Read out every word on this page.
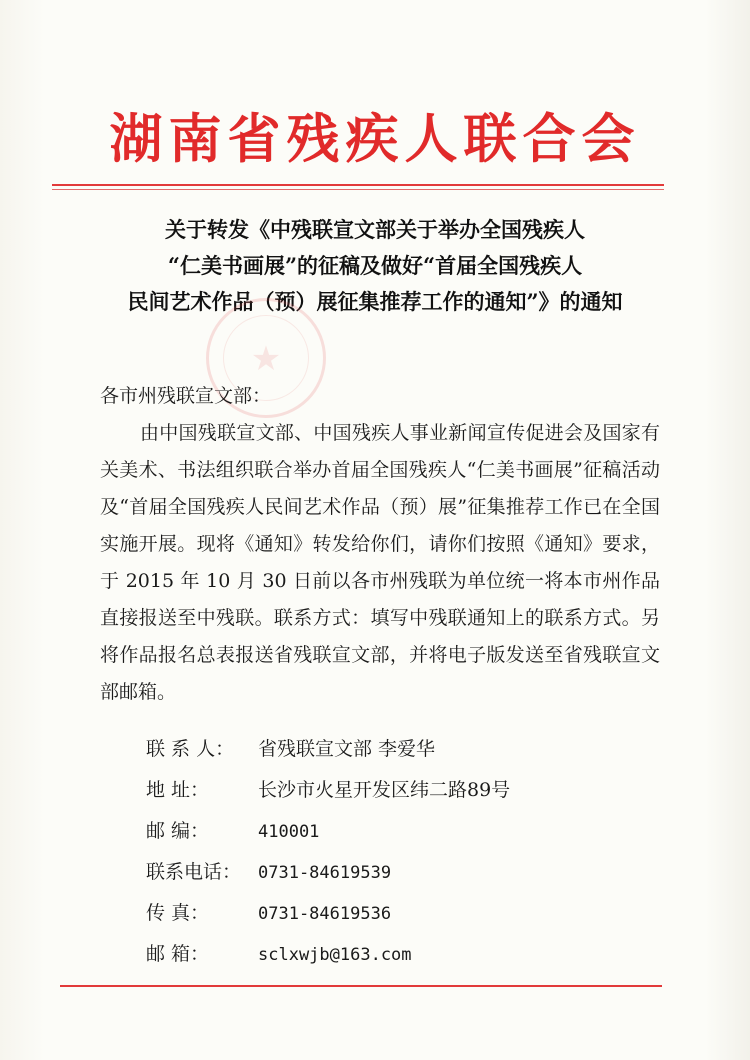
湖南省残疾人联合会
关于转发《中残联宣文部关于举办全国残疾人
“仁美书画展”的征稿及做好“首届全国残疾人
民间艺术作品（预）展征集推荐工作的通知”》的通知
★

各市州残联宣文部：

由中国残联宣文部、中国残疾人事业新闻宣传促进会及国家有关美术、书法组织联合举办首届全国残疾人“仁美书画展”征稿活动及“首届全国残疾人民间艺术作品（预）展”征集推荐工作已在全国实施开展。现将《通知》转发给你们，请你们按照《通知》要求，于 2015 年 10 月 30 日前以各市州残联为单位统一将本市州作品直接报送至中残联。联系方式：填写中残联通知上的联系方式。另将作品报名总表报送省残联宣文部，并将电子版发送至省残联宣文部邮箱。

联 系 人： 省残联宣文部 李爱华
地 址：	长沙市火星开发区纬二路89号
邮 编：	410001
联系电话： 0731-84619539
传 真：	0731-84619536
邮 箱：	sclxwjb@163.com
